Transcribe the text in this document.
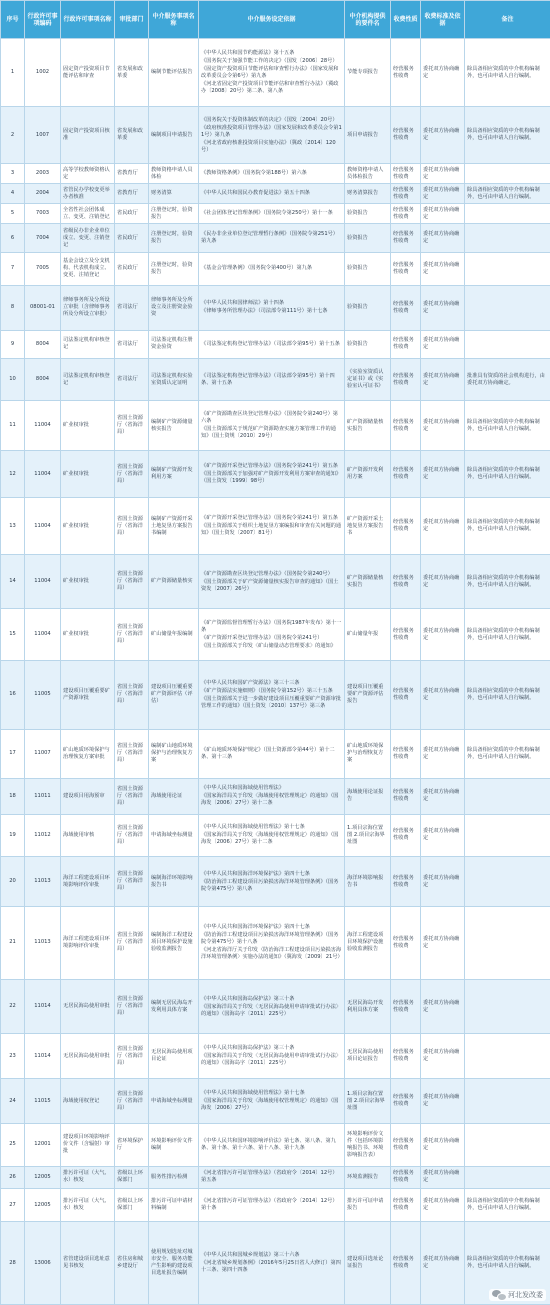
序号	行政许可事项编码	行政许可事项名称	审批部门	中介服务事项名称	中介服务设定依据	中介机构提供的要件名	收费性质	收费标准及依据	备注
1	1002	固定资产投资项目节能评估和审查	省发展和改革委	编制节能评估报告	《中华人民共和国节约能源法》第十五条
《国务院关于加强节能工作的决定》（国发〔2006〕28号）
《固定资产投资项目节能评估和审查暂行办法》（国家发展和改革委员会令第6号）第九条
《河北省固定资产投资项目节能评估和审查暂行办法》（冀政办〔2008〕20号）第二条、第八条	节能专项报告	经营服务性收费	委托双方协商确定	除具备相应资质的中介机构编制外，也可由申请人自行编制。
2	1007	固定资产投资项目核准	省发展和改革委	编制项目申请报告	《国务院关于投资体制改革的决定》（国发〔2004〕20号）
《政府核准投资项目管理办法》（国家发展和改革委员会令第11号）第九条
《河北省政府核准投资项目实施办法》（冀政〔2014〕120号）	项目申请报告	经营服务性收费	委托双方协商确定	除具备相应资质的中介机构编制外，也可由申请人自行编制。
3	2003	高等学校教师资格认定	省教育厅	教师资格申请人员体检	《教师资格条例》（国务院令第188号）第六条	教师资格申请人员体检报告	经营服务性收费	委托双方协商确定	
4	2004	省管民办学校变更举办者核准	省教育厅	财务清算	《中华人民共和国民办教育促进法》第五十四条	财务清算报告	经营服务性收费	委托双方协商确定	除具备相应资质的中介机构编制外，也可由申请人自行编制。
5	7003	全省性社会团体成立、变更、注销登记	省民政厅	注册登记时，验资报告	《社会团体登记管理条例》（国务院令第250号）第十一条	验资报告	经营服务性收费	委托双方协商确定	
6	7004	省级民办非企业单位成立、变更、注销登记	省民政厅	注册登记时，验资报告	《民办非企业单位登记管理暂行条例》（国务院令第251号）第九条	验资报告	经营服务性收费	委托双方协商确定	
7	7005	基金会设立及分支机构、代表机构成立、变更、注销登记	省民政厅	注册登记时，验资报告	《基金会管理条例》（国务院令第400号）第九条	验资报告	经营服务性收费	委托双方协商确定	
8	08001-01	律师事务所及分所设立审批（含律师事务所及分所设立审批）	省司法厅	律师事务所及分所设立及注册资金验资	《中华人民共和国律师法》第十四条
《律师事务所管理办法》（司法部令第111号）第十七条	验资报告	经营服务性收费	委托双方协商确定	
9	8004	司法鉴定机构审核登记	省司法厅	司法鉴定机构注册资金验资	《司法鉴定机构登记管理办法》（司法部令第95号）第十五条	验资报告	经营服务性收费	委托双方协商确定	
10	8004	司法鉴定机构审核登记	省司法厅	司法鉴定机构实验室资质认定证明	《司法鉴定机构登记管理办法》（司法部令第95号）第十四条、第十五条	《实验室资质认定证书》或《实验室认可证书》	经营服务性收费	委托双方协商确定	批准具有资质的社会机构进行，由委托双方协商确定。
11	11004	矿业权审批	省国土资源厅（省海洋局）	编制矿产资源储量核实报告	《矿产资源勘查区块登记管理办法》（国务院令第240号）第六条
《国土资源部关于规范矿产资源勘查实施方案管理工作的通知》（国土资规〔2010〕29号）	矿产资源储量核实报告	经营服务性收费	委托双方协商确定	除具备相应资质的中介机构编制外，也可由申请人自行编制。
12	11004	矿业权审批	省国土资源厅（省海洋局）	编制矿产资源开发利用方案	《矿产资源开采登记管理办法》（国务院令第241号）第五条
《国土资源部关于加强对矿产资源开发利用方案审查的通知》（国土资发〔1999〕98号）	矿产资源开发利用方案	经营服务性收费	委托双方协商确定	除具备相应资质的中介机构编制外，也可由申请人自行编制。
13	11004	矿业权审批	省国土资源厅（省海洋局）	编制矿产资源开采土地复垦方案报告书编制	《矿产资源开采登记管理办法》（国务院令第241号）第五条
《国土资源部关于组织土地复垦方案编报和审查有关问题的通知》（国土资发〔2007〕81号）	矿产资源开采土地复垦方案报告书	经营服务性收费	委托双方协商确定	除具备相应资质的中介机构编制外，也可由申请人自行编制。
14	11004	矿业权审批	省国土资源厅（省海洋局）	矿产资源储量核实	《矿产资源勘查区块登记管理办法》（国务院令第240号）
《国土资源部关于矿产资源储量核实报告审查的通知》（国土资发〔2007〕26号）	矿产资源储量核实报告	经营服务性收费	委托双方协商确定	除具备相应资质的中介机构编制外，也可由申请人自行编制。
15	11004	矿业权审批	省国土资源厅（省海洋局）	矿山储量年报编制	《矿产资源监督管理暂行办法》（国务院1987年发布）第十一条
《矿产资源开采登记管理办法》（国务院令第241号）
《国土资源部关于印发〈矿山储量动态管理要求〉的通知》	矿山储量年报	经营服务性收费	委托双方协商确定	除具备相应资质的中介机构编制外，也可由申请人自行编制。
16	11005	建设项目压覆重要矿产资源审批	省国土资源厅（省海洋局）	建设项目压覆重要矿产资源评估（评估）	《中华人民共和国矿产资源法》第三十三条
《矿产资源法实施细则》（国务院令第152号）第三十五条
《国土资源部关于进一步做好建设项目压覆重要矿产资源审批管理工作的通知》（国土资发〔2010〕137号）第三条	建设项目压覆重要矿产资源评估报告	经营服务性收费	委托双方协商确定	除具备相应资质的中介机构编制外，也可由申请人自行编制。
17	11007	矿山地质环境保护与治理恢复方案审批	省国土资源厅（省海洋局）	编制矿山地质环境保护与治理恢复方案	《矿山地质环境保护规定》（国土资源部令第44号）第十二条、第十三条	矿山地质环境保护与治理恢复方案	经营服务性收费	委托双方协商确定	除具备相应资质的中介机构编制外，也可由申请人自行编制。
18	11011	建设项目用海预审	省国土资源厅（省海洋局）	海域使用论证	《中华人民共和国海域使用管理法》
《国家海洋局关于印发〈海域使用权管理规定〉的通知》（国海发〔2006〕27号）第十二条	海域使用论证报告	经营服务性收费	委托双方协商确定	
19	11012	海域使用审核	省国土资源厅（省海洋局）	申请海域坐标测量	《中华人民共和国海域使用管理法》第十七条
《国家海洋局关于印发〈海域使用权管理规定〉的通知》（国海发〔2006〕27号）第十二条	1.项目宗海位置图 2.项目宗海界址图	经营服务性收费	委托双方协商确定	
20	11013	海洋工程建设项目环境影响评价审批	省国土资源厅（省海洋局）	编制海洋环境影响报告书	《中华人民共和国海洋环境保护法》第四十七条
《防治海洋工程建设项目污染损害海洋环境管理条例》（国务院令第475号）第八条	海洋环境影响报告书	经营服务性收费	委托双方协商确定	
21	11013	海洋工程建设项目环境影响评价审批	省国土资源厅（省海洋局）	编制海洋工程建设项目环境保护设施验收监测报告	《中华人民共和国海洋环境保护法》第四十七条
《防治海洋工程建设项目污染损害海洋环境管理条例》（国务院令第475号）第十八条
《河北省海洋厅关于印发〈防治海洋工程建设项目污染损害海洋环境管理条例〉实施办法的通知》（冀海发〔2009〕21号）	海洋工程建设项目环境保护设施验收监测报告	经营服务性收费	委托双方协商确定	
22	11014	无居民海岛使用审批	省国土资源厅（省海洋局）	编制无居民海岛开发利用具体方案	《中华人民共和国海岛保护法》第三十条
《国家海洋局关于印发〈无居民海岛使用申请审批试行办法〉的通知》（国海岛字〔2011〕225号）	无居民海岛开发利用具体方案	经营服务性收费	委托双方协商确定	
23	11014	无居民海岛使用审批	省国土资源厅（省海洋局）	无居民海岛使用项目论证	《中华人民共和国海岛保护法》第三十条
《国家海洋局关于印发〈无居民海岛使用申请审批试行办法〉的通知》（国海岛字〔2011〕225号）	无居民海岛使用项目论证报告	经营服务性收费	委托双方协商确定	
24	11015	海域使用权登记	省国土资源厅（省海洋局）	申请海域坐标测量	《中华人民共和国海域使用管理法》第十七条
《国家海洋局关于印发〈海域使用权管理规定〉的通知》（国海发〔2006〕27号）	1.项目宗海位置图 2.项目宗海界址图	经营服务性收费	委托双方协商确定	
25	12001	建设项目环境影响评价文件（含辐射）审批	省环境保护厅	环境影响评价文件编制	《中华人民共和国环境影响评价法》第七条、第八条、第九条、第十条、第十六条、第十八条、第十九条	环境影响评价文件（包括环境影响报告书、环境影响报告表）	经营服务性收费	委托双方协商确定	
26	12005	排污许可证（大气、水）核发	省级以上环保部门	服务性排污检测	《河北省排污许可证管理办法》（省政府令〔2014〕12号）第五条	环境监测报告	经营服务性收费	委托双方协商确定	
27	12005	排污许可证（大气、水）核发	省级以上环保部门	排污许可证申请材料编制	《河北省排污许可证管理办法》（省政府令〔2014〕12号）第十条	排污许可证申请报告	经营服务性收费	委托双方协商确定	除具备相应资质的中介机构编制外，也可由申请人自行编制。
28	13006	省管建设项目选址意见书核发	省住房和城乡建设厅	使用规划选址对城市安全、服务功能产生影响的建设项目选址报告编制	《中华人民共和国城乡规划法》第三十六条
《河北省城乡规划条例》（2016年5月25日省人大修订）第四十三条、第四十四条	建设项目选址论证报告	经营服务性收费	委托双方协商确定	除具备相应资质的中介机构编制外，也可由申请人自行编制。
河北发改委
